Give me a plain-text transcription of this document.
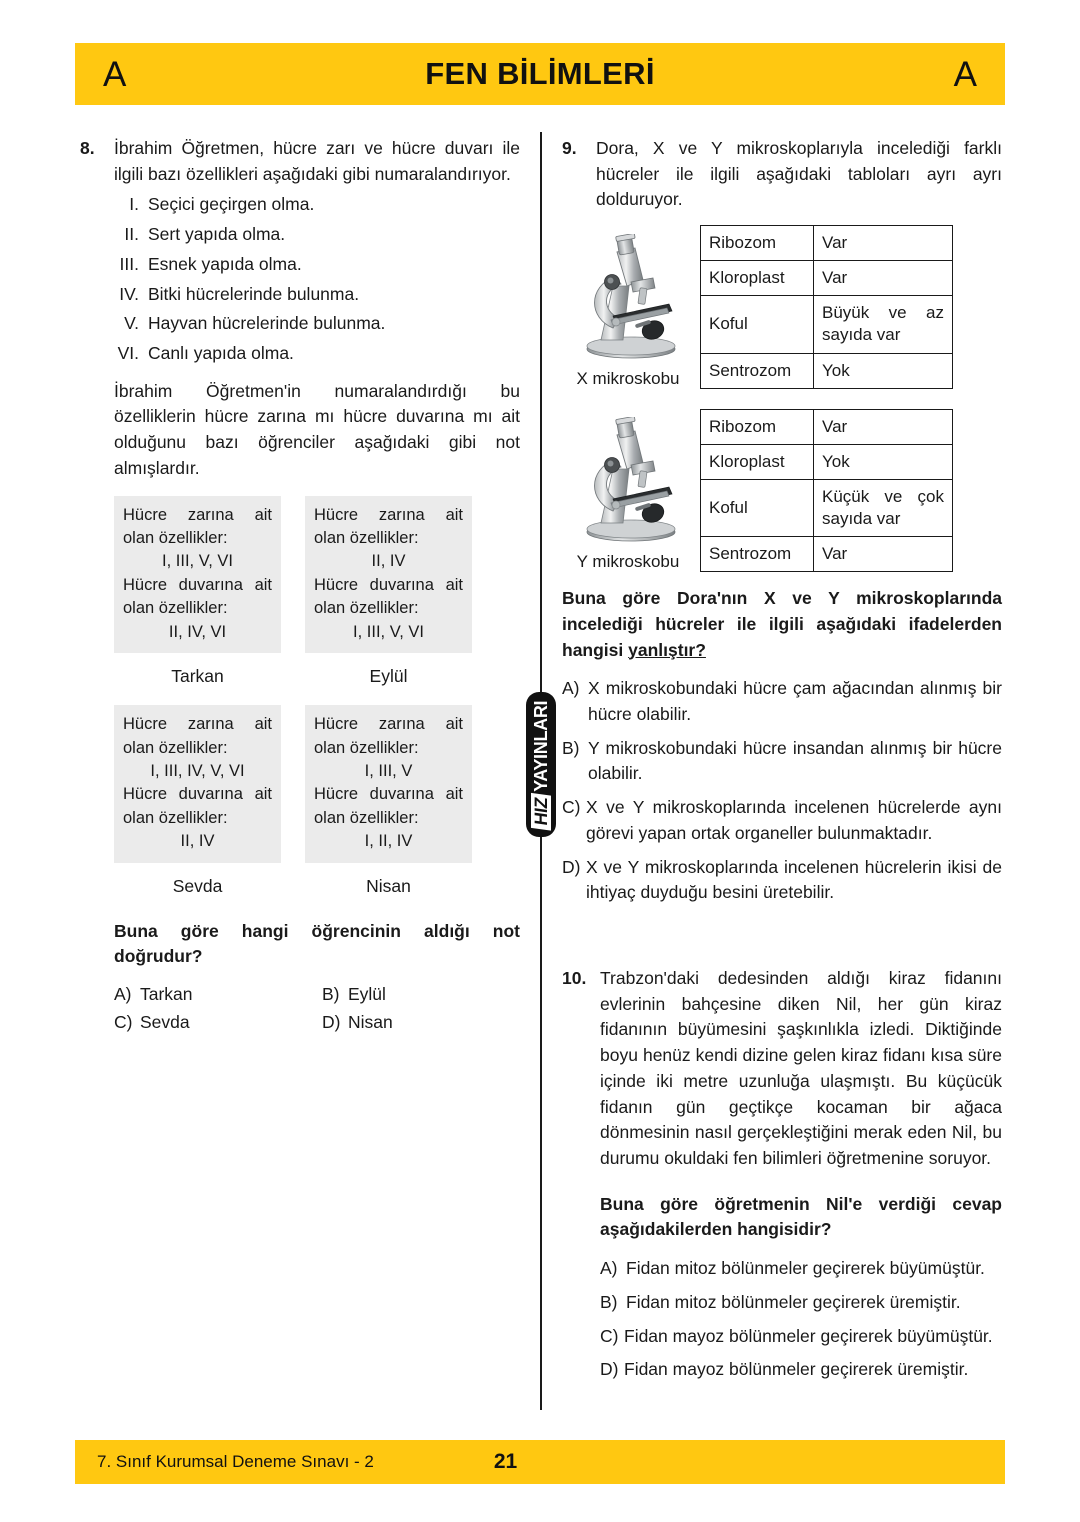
A	FEN BİLİMLERİ	A
HIZ
YAYINLARI
8.	İbrahim Öğretmen, hücre zarı ve hücre duvarı ile ilgili bazı özellikleri aşağıdaki gibi numaralandırıyor.

I. Seçici geçirgen olma.
II. Sert yapıda olma.
III. Esnek yapıda olma.
IV. Bitki hücrelerinde bulunma.
V. Hayvan hücrelerinde bulunma.
VI. Canlı yapıda olma.

İbrahim Öğretmen'in numaralandırdığı bu özelliklerin hücre zarına mı hücre duvarına mı ait olduğunu bazı öğrenciler aşağıdaki gibi not almışlardır.

Hücre zarına ait olan özellikler:
I, III, V, VI
Hücre duvarına ait olan özellikler:
II, IV, VI
Tarkan
Hücre zarına ait olan özellikler:
II, IV
Hücre duvarına ait olan özellikler:
I, III, V, VI
Eylül
Hücre zarına ait olan özellikler:
I, III, IV, V, VI
Hücre duvarına ait olan özellikler:
II, IV
Sevda
Hücre zarına ait olan özellikler:
I, III, V
Hücre duvarına ait olan özellikler:
I, II, IV
Nisan

Buna göre hangi öğrencinin aldığı not doğrudur?

A) Tarkan	B) Eylül
C) Sevda	D) Nisan
9.	Dora, X ve Y mikroskoplarıyla incelediği farklı hücreler ile ilgili aşağıdaki tabloları ayrı ayrı dolduruyor.

X mikroskobu
Ribozom	Var
Kloroplast	Var
Koful	Büyük ve az sayıda var
Sentrozom	Yok
Y mikroskobu
Ribozom	Var
Kloroplast	Yok
Koful	Küçük ve çok sayıda var
Sentrozom	Var

Buna göre Dora'nın X ve Y mikroskoplarında incelediği hücreler ile ilgili aşağıdaki ifadelerden hangisi yanlıştır?

A) X mikroskobundaki hücre çam ağacından alınmış bir hücre olabilir.
B) Y mikroskobundaki hücre insandan alınmış bir hücre olabilir.
C) X ve Y mikroskoplarında incelenen hücrelerde aynı görevi yapan ortak organeller bulunmaktadır.
D) X ve Y mikroskoplarında incelenen hücrelerin ikisi de ihtiyaç duyduğu besini üretebilir.
10. Trabzon'daki dedesinden aldığı kiraz fidanını evlerinin bahçesine diken Nil, her gün kiraz fidanının büyümesini şaşkınlıkla izledi. Diktiğinde boyu henüz kendi dizine gelen kiraz fidanı kısa süre içinde iki metre uzunluğa ulaşmıştı. Bu küçücük fidanın gün geçtikçe kocaman bir ağaca dönmesinin nasıl gerçekleştiğini merak eden Nil, bu durumu okuldaki fen bilimleri öğretmenine soruyor.

Buna göre öğretmenin Nil'e verdiği cevap aşağıdakilerden hangisidir?

A) Fidan mitoz bölünmeler geçirerek büyümüştür.
B) Fidan mitoz bölünmeler geçirerek üremiştir.
C) Fidan mayoz bölünmeler geçirerek büyümüştür.
D) Fidan mayoz bölünmeler geçirerek üremiştir.
7. Sınıf Kurumsal Deneme Sınavı - 2	21
